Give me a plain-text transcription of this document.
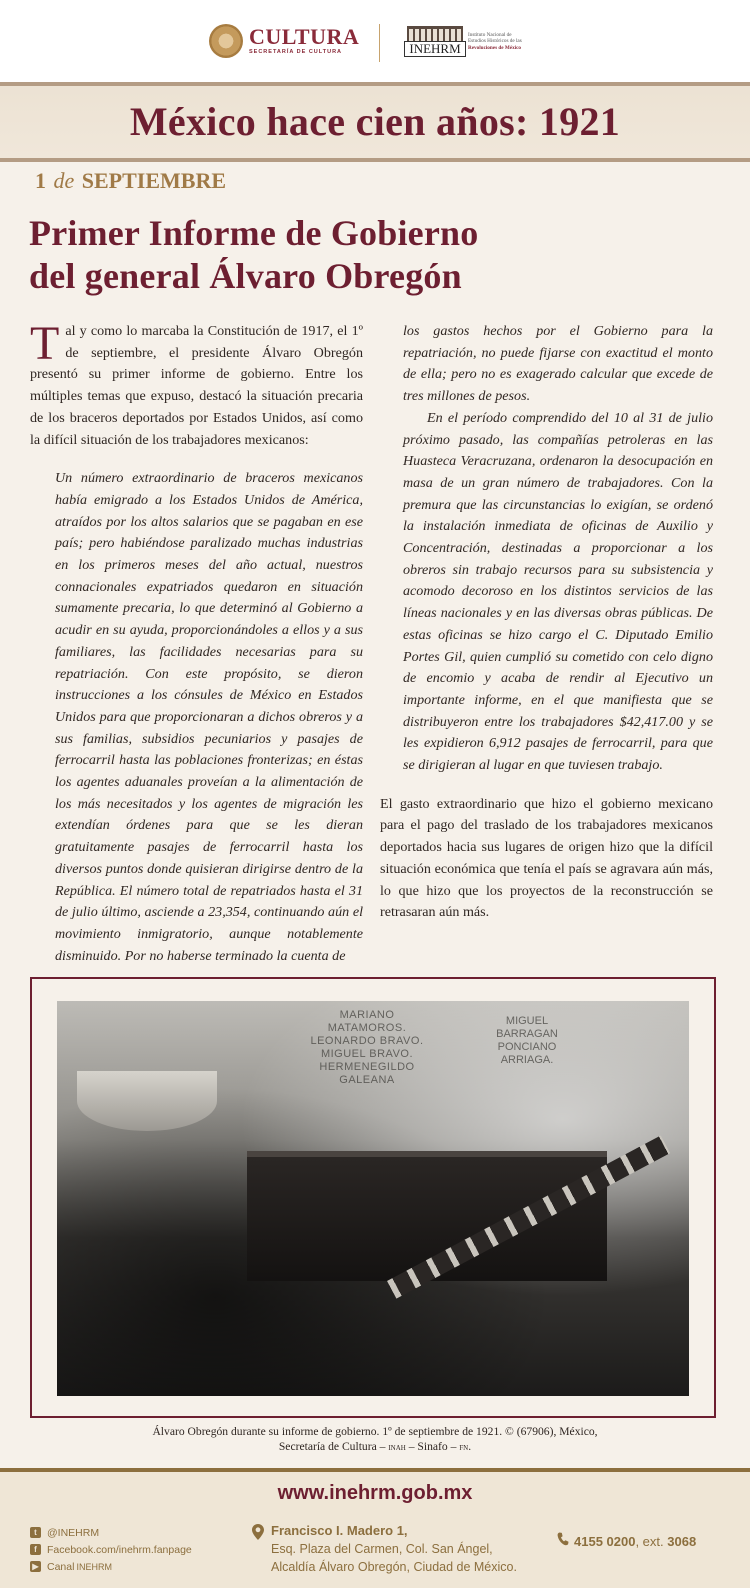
CULTURA
SECRETARÍA DE CULTURA	INEHRM
Instituto Nacional de
Estudios Históricos de las
Revoluciones de México
México hace cien años: 1921
1 de SEPTIEMBRE
Primer Informe de Gobierno
del general Álvaro Obregón
Tal y como lo marcaba la Constitución de 1917, el 1º de septiembre, el presidente Álvaro Obregón presentó su primer informe de gobierno. Entre los múltiples temas que expuso, destacó la situación precaria de los braceros deportados por Estados Unidos, así como la difícil situación de los trabajadores mexicanos:
Un número extraordinario de braceros mexicanos había emigrado a los Estados Unidos de América, atraídos por los altos salarios que se pagaban en ese país; pero habiéndose paralizado muchas industrias en los primeros meses del año actual, nuestros connacionales expatriados quedaron en situación sumamente precaria, lo que determinó al Gobierno a acudir en su ayuda, proporcionándoles a ellos y a sus familiares, las facilidades necesarias para su repatriación. Con este propósito, se dieron instrucciones a los cónsules de México en Estados Unidos para que proporcionaran a dichos obreros y a sus familias, subsidios pecuniarios y pasajes de ferrocarril hasta las poblaciones fronterizas; en éstas los agentes aduanales proveían a la alimentación de los más necesitados y los agentes de migración les extendían órdenes para que se les dieran gratuitamente pasajes de ferrocarril hasta los diversos puntos donde quisieran dirigirse dentro de la República. El número total de repatriados hasta el 31 de julio último, asciende a 23,354, continuando aún el movimiento inmigratorio, aunque notablemente disminuido. Por no haberse terminado la cuenta de
los gastos hechos por el Gobierno para la repatriación, no puede fijarse con exactitud el monto de ella; pero no es exagerado calcular que excede de tres millones de pesos.
En el período comprendido del 10 al 31 de julio próximo pasado, las compañías petroleras en las Huasteca Veracruzana, ordenaron la desocupación en masa de un gran número de trabajadores. Con la premura que las circunstancias lo exigían, se ordenó la instalación inmediata de oficinas de Auxilio y Concentración, destinadas a proporcionar a los obreros sin trabajo recursos para su subsistencia y acomodo decoroso en los distintos servicios de las líneas nacionales y en las diversas obras públicas. De estas oficinas se hizo cargo el C. Diputado Emilio Portes Gil, quien cumplió su cometido con celo digno de encomio y acaba de rendir al Ejecutivo un importante informe, en el que manifiesta que se distribuyeron entre los trabajadores $42,417.00 y se les expidieron 6,912 pasajes de ferrocarril, para que se dirigieran al lugar en que tuviesen trabajo.
El gasto extraordinario que hizo el gobierno mexicano para el pago del traslado de los trabajadores mexicanos deportados hacia sus lugares de origen hizo que la difícil situación económica que tenía el país se agravara aún más, lo que hizo que los proyectos de la reconstrucción se retrasaran aún más.
MARIANO MATAMOROS. LEONARDO BRAVO. MIGUEL BRAVO. HERMENEGILDO GALEANA
MIGUEL BARRAGAN PONCIANO ARRIAGA.
Álvaro Obregón durante su informe de gobierno. 1º de septiembre de 1921. © (67906), México,
Secretaría de Cultura – inah – Sinafo – fn.
www.inehrm.gob.mx
t @INEHRM
f Facebook.com/inehrm.fanpage
▶ Canal INEHRM
Francisco I. Madero 1,
Esq. Plaza del Carmen, Col. San Ángel,
Alcaldía Álvaro Obregón, Ciudad de México.
4155 0200, ext. 3068
